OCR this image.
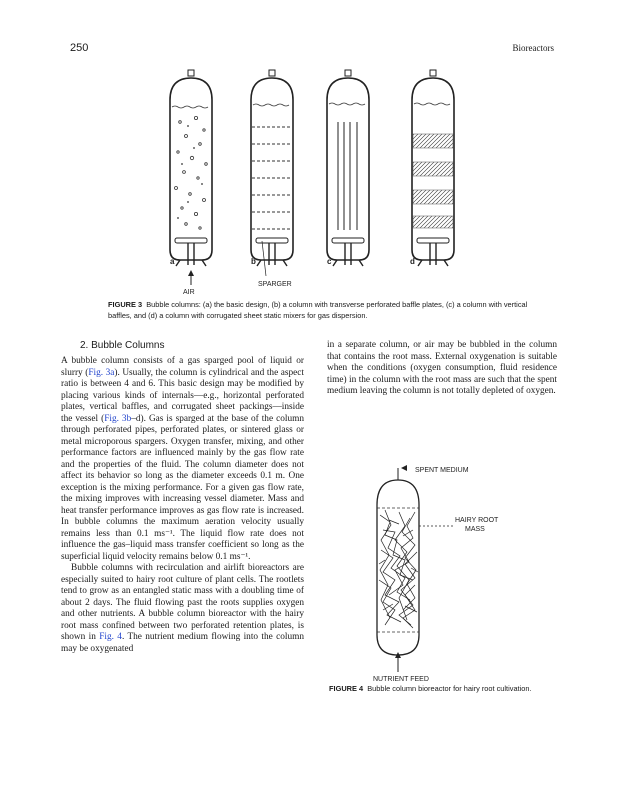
250	Bioreactors
a	b	c	d
AIR
SPARGER
FIGURE 3 Bubble columns: (a) the basic design, (b) a column with transverse perforated baffle plates, (c) a column with vertical baffles, and (d) a column with corrugated sheet static mixers for gas dispersion.
2. Bubble Columns

A bubble column consists of a gas sparged pool of liquid or slurry (Fig. 3a). Usually, the column is cylindrical and the aspect ratio is between 4 and 6. This basic design may be modified by placing various kinds of internals—e.g., horizontal perforated plates, vertical baffles, and corrugated sheet packings—inside the vessel (Fig. 3b–d). Gas is sparged at the base of the column through perforated pipes, perforated plates, or sintered glass or metal microporous spargers. Oxygen transfer, mixing, and other performance factors are influenced mainly by the gas flow rate and the properties of the fluid. The column diameter does not affect its behavior so long as the diameter exceeds 0.1 m. One exception is the mixing performance. For a given gas flow rate, the mixing improves with increasing vessel diameter. Mass and heat transfer performance improves as gas flow rate is increased. In bubble columns the maximum aeration velocity usually remains less than 0.1 ms⁻¹. The liquid flow rate does not influence the gas–liquid mass transfer coefficient so long as the superficial liquid velocity remains below 0.1 ms⁻¹.

Bubble columns with recirculation and airlift bioreactors are especially suited to hairy root culture of plant cells. The rootlets tend to grow as an entangled static mass with a doubling time of about 2 days. The fluid flowing past the roots supplies oxygen and other nutrients. A bubble column bioreactor with the hairy root mass confined between two perforated retention plates, is shown in Fig. 4. The nutrient medium flowing into the column may be oxygenated

in a separate column, or air may be bubbled in the column that contains the root mass. External oxygenation is suitable when the conditions (oxygen consumption, fluid residence time) in the column with the root mass are such that the spent medium leaving the column is not totally depleted of oxygen.

SPENT MEDIUM
HAIRY ROOT
MASS
NUTRIENT FEED
FIGURE 4 Bubble column bioreactor for hairy root cultivation.
